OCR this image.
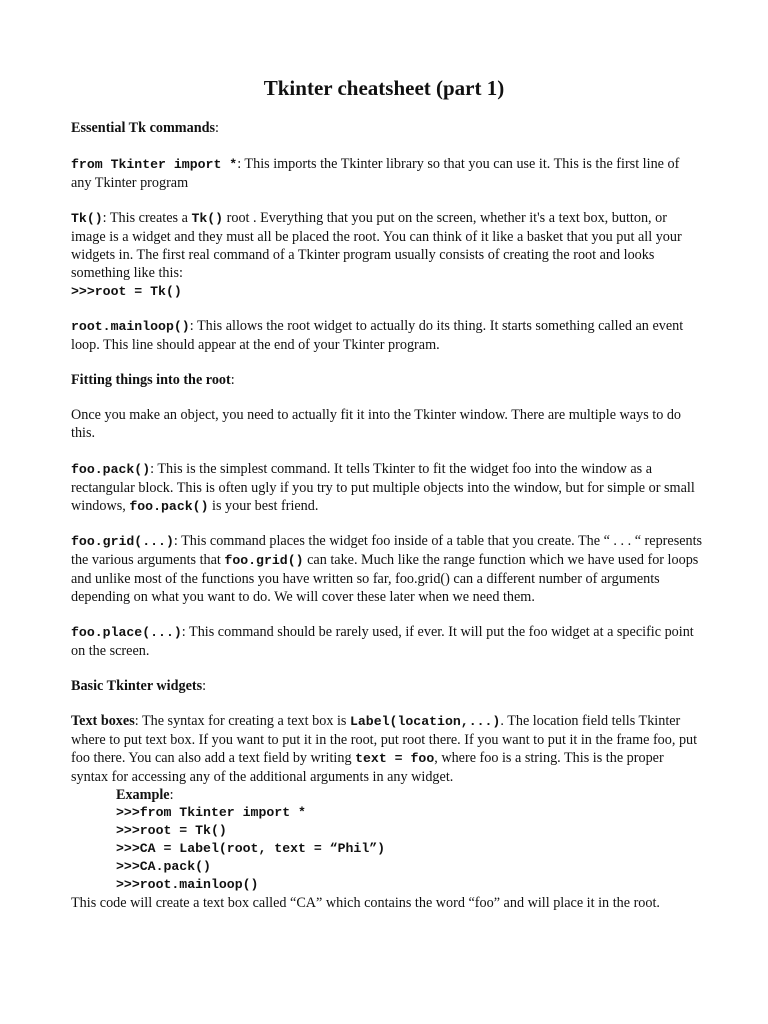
Tkinter cheatsheet (part 1)
Essential Tk commands:
from Tkinter import *: This imports the Tkinter library so that you can use it. This is the first line of any Tkinter program
Tk(): This creates a Tk() root . Everything that you put on the screen, whether it's a text box, button, or image is a widget and they must all be placed the root. You can think of it like a basket that you put all your widgets in. The first real command of a Tkinter program usually consists of creating the root and looks something like this:
>>>root = Tk()
root.mainloop(): This allows the root widget to actually do its thing. It starts something called an event loop. This line should appear at the end of your Tkinter program.
Fitting things into the root:
Once you make an object, you need to actually fit it into the Tkinter window. There are multiple ways to do this.
foo.pack(): This is the simplest command. It tells Tkinter to fit the widget foo into the window as a rectangular block. This is often ugly if you try to put multiple objects into the window, but for simple or small windows, foo.pack() is your best friend.
foo.grid(...): This command places the widget foo inside of a table that you create. The “ . . . “ represents the various arguments that foo.grid() can take. Much like the range function which we have used for loops and unlike most of the functions you have written so far, foo.grid() can a different number of arguments depending on what you want to do. We will cover these later when we need them.
foo.place(...): This command should be rarely used, if ever. It will put the foo widget at a specific point on the screen.
Basic Tkinter widgets:
Text boxes: The syntax for creating a text box is Label(location,...). The location field tells Tkinter where to put text box. If you want to put it in the root, put root there. If you want to put it in the frame foo, put foo there. You can also add a text field by writing text = foo, where foo is a string. This is the proper syntax for accessing any of the additional arguments in any widget.
Example:
>>>from Tkinter import *
>>>root = Tk()
>>>CA = Label(root, text = “Phil”)
>>>CA.pack()
>>>root.mainloop()
This code will create a text box called “CA” which contains the word “foo” and will place it in the root.
